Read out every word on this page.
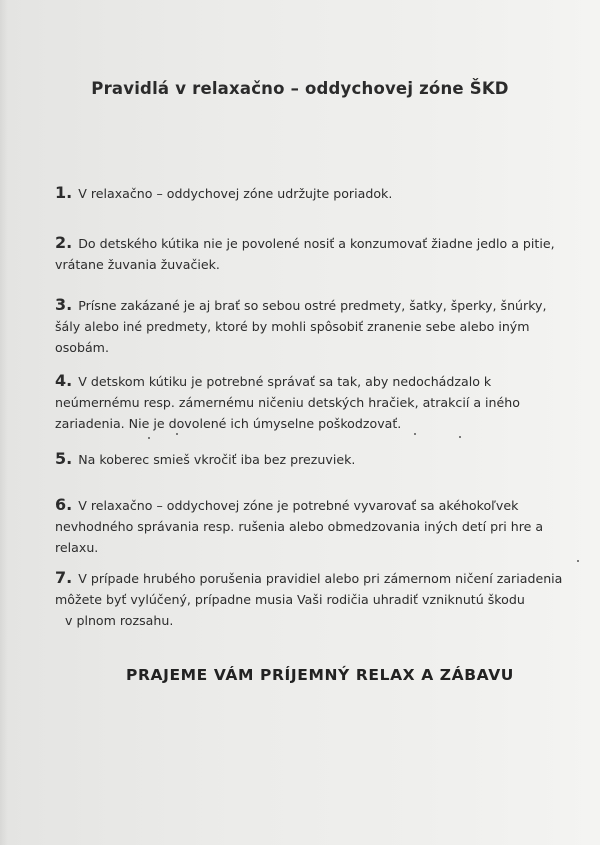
Pravidlá v relaxačno – oddychovej zóne ŠKD
1. V relaxačno – oddychovej zóne udržujte poriadok.
2. Do detského kútika nie je povolené nosiť a konzumovať žiadne jedlo a pitie,
vrátane žuvania žuvačiek.
3. Prísne zakázané je aj brať so sebou ostré predmety, šatky, šperky, šnúrky,
šály alebo iné predmety, ktoré by mohli spôsobiť zranenie sebe alebo iným
osobám.
4. V detskom kútiku je potrebné správať sa tak, aby nedochádzalo k
neúmernému resp. zámernému ničeniu detských hračiek, atrakcií a iného
zariadenia. Nie je dovolené ich úmyselne poškodzovať.
5. Na koberec smieš vkročiť iba bez prezuviek.
6. V relaxačno – oddychovej zóne je potrebné vyvarovať sa akéhokoľvek
nevhodného správania resp. rušenia alebo obmedzovania iných detí pri hre a
relaxu.
7. V prípade hrubého porušenia pravidiel alebo pri zámernom ničení zariadenia
môžete byť vylúčený, prípadne musia Vaši rodičia uhradiť vzniknutú škodu
v plnom rozsahu.
PRAJEME VÁM PRÍJEMNÝ RELAX A ZÁBAVU
